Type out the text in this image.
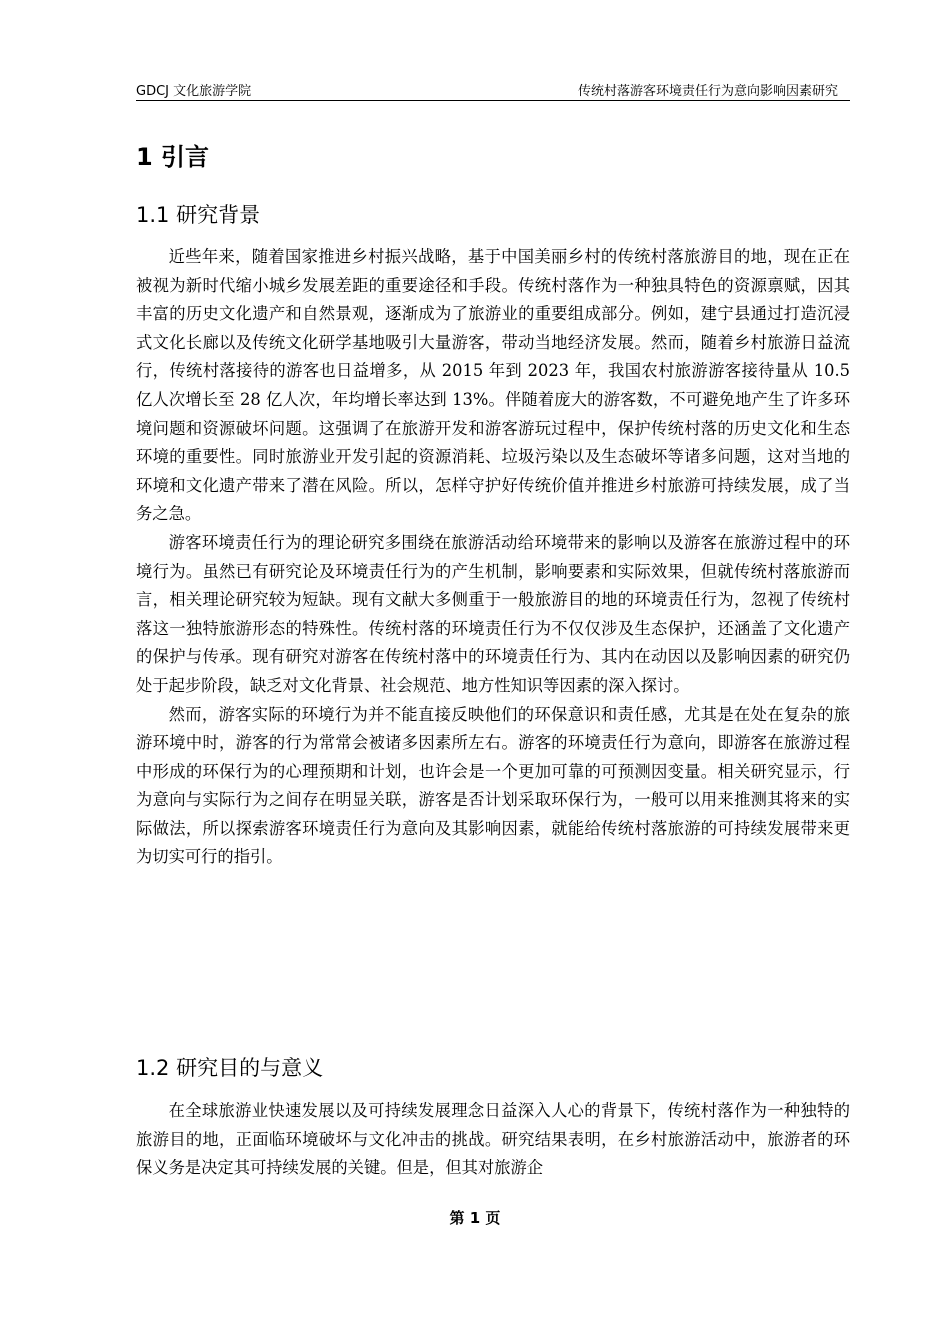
GDCJ 文化旅游学院	传统村落游客环境责任行为意向影响因素研究
1 引言
1.1 研究背景

近些年来，随着国家推进乡村振兴战略，基于中国美丽乡村的传统村落旅游目的地，现在正在被视为新时代缩小城乡发展差距的重要途径和手段。传统村落作为一种独具特色的资源禀赋，因其丰富的历史文化遗产和自然景观，逐渐成为了旅游业的重要组成部分。例如，建宁县通过打造沉浸式文化长廊以及传统文化研学基地吸引大量游客，带动当地经济发展。然而，随着乡村旅游日益流行，传统村落接待的游客也日益增多，从 2015 年到 2023 年，我国农村旅游游客接待量从 10.5 亿人次增长至 28 亿人次，年均增长率达到 13%。伴随着庞大的游客数，不可避免地产生了许多环境问题和资源破坏问题。这强调了在旅游开发和游客游玩过程中，保护传统村落的历史文化和生态环境的重要性。同时旅游业开发引起的资源消耗、垃圾污染以及生态破坏等诸多问题，这对当地的环境和文化遗产带来了潜在风险。所以，怎样守护好传统价值并推进乡村旅游可持续发展，成了当务之急。

游客环境责任行为的理论研究多围绕在旅游活动给环境带来的影响以及游客在旅游过程中的环境行为。虽然已有研究论及环境责任行为的产生机制，影响要素和实际效果，但就传统村落旅游而言，相关理论研究较为短缺。现有文献大多侧重于一般旅游目的地的环境责任行为，忽视了传统村落这一独特旅游形态的特殊性。传统村落的环境责任行为不仅仅涉及生态保护，还涵盖了文化遗产的保护与传承。现有研究对游客在传统村落中的环境责任行为、其内在动因以及影响因素的研究仍处于起步阶段，缺乏对文化背景、社会规范、地方性知识等因素的深入探讨。

然而，游客实际的环境行为并不能直接反映他们的环保意识和责任感，尤其是在处在复杂的旅游环境中时，游客的行为常常会被诸多因素所左右。游客的环境责任行为意向，即游客在旅游过程中形成的环保行为的心理预期和计划，也许会是一个更加可靠的可预测因变量。相关研究显示，行为意向与实际行为之间存在明显关联，游客是否计划采取环保行为，一般可以用来推测其将来的实际做法，所以探索游客环境责任行为意向及其影响因素，就能给传统村落旅游的可持续发展带来更为切实可行的指引。

1.2 研究目的与意义

在全球旅游业快速发展以及可持续发展理念日益深入人心的背景下，传统村落作为一种独特的旅游目的地，正面临环境破坏与文化冲击的挑战。研究结果表明，在乡村旅游活动中，旅游者的环保义务是决定其可持续发展的关键。但是，但其对旅游企

第 1 页
